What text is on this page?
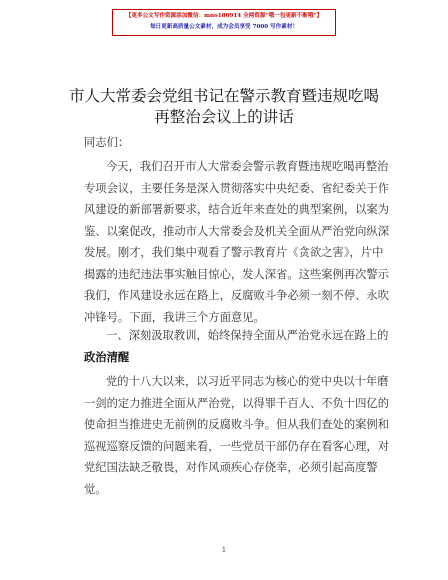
【更多公文写作资源添加微信：mno180914 全网资源“哦一包更新不断哦”】
每日更新高质量公文素材，成为会员享受 7000 写作素材！
市人大常委会党组书记在警示教育暨违规吃喝
再整治会议上的讲话
同志们：
今天，我们召开市人大常委会警示教育暨违规吃喝再整治
专项会议，主要任务是深入贯彻落实中央纪委、省纪委关于作
风建设的新部署新要求，结合近年来查处的典型案例，以案为
鉴、以案促改，推动市人大常委会及机关全面从严治党向纵深
发展。刚才，我们集中观看了警示教育片《贪欲之害》，片中
揭露的违纪违法事实触目惊心，发人深省。这些案例再次警示
我们，作风建设永远在路上，反腐败斗争必须一刻不停、永吹
冲锋号。下面，我讲三个方面意见。
一、深刻汲取教训，始终保持全面从严治党永远在路上的
政治清醒
党的十八大以来，以习近平同志为核心的党中央以十年磨
一剑的定力推进全面从严治党，以得罪千百人、不负十四亿的
使命担当推进史无前例的反腐败斗争。但从我们查处的案例和
巡视巡察反馈的问题来看，一些党员干部仍存在看客心理，对
党纪国法缺乏敬畏，对作风顽疾心存侥幸，必须引起高度警
觉。
1
